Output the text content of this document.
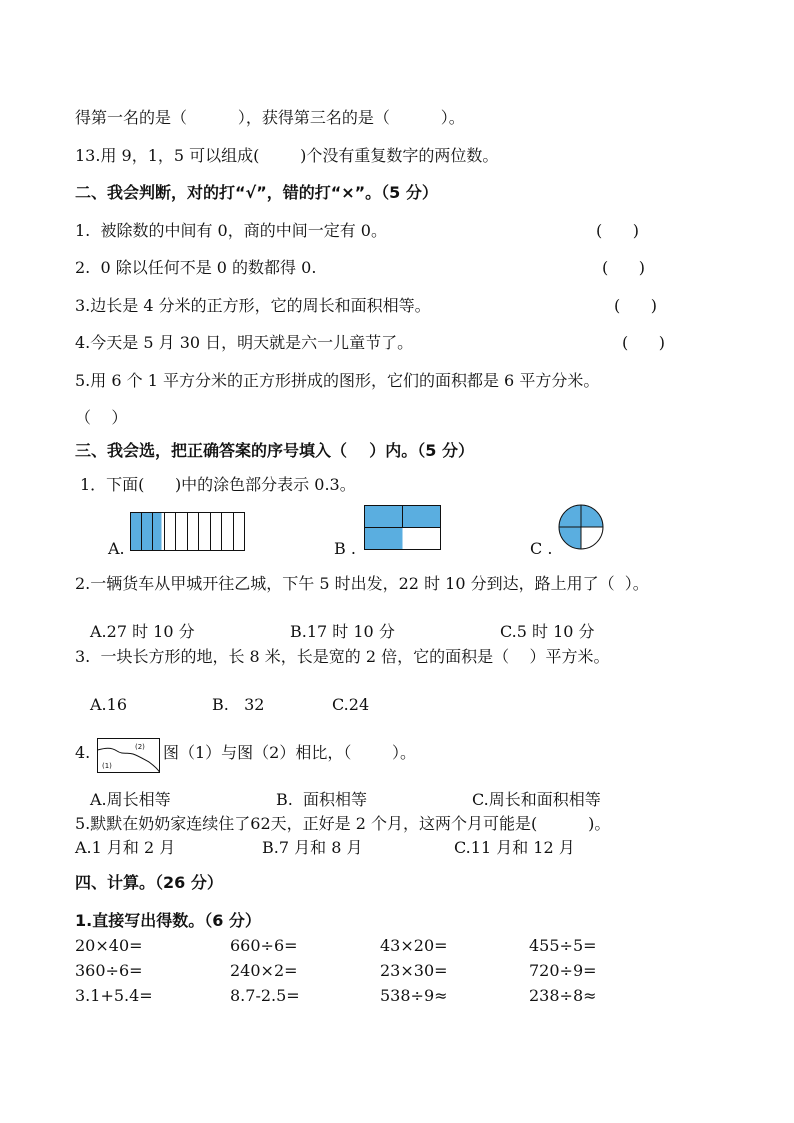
得第一名的是（          ），获得第三名的是（          ）。
13.用 9，1，5 可以组成(        )个没有重复数字的两位数。
二、我会判断，对的打“√”，错的打“×”。（5 分）
1.  被除数的中间有 0，商的中间一定有 0。	(      )
2.  0 除以任何不是 0 的数都得 0.	(      )
3.边长是 4 分米的正方形，它的周长和面积相等。	(      )
4.今天是 5 月 30 日，明天就是六一儿童节了。	(      )
5.用 6 个 1 平方分米的正方形拼成的图形，它们的面积都是 6 平方分米。
（    ）
三、我会选，把正确答案的序号填入（    ）内。（5 分）
1．下面(      )中的涂色部分表示 0.3。
A.	B .	C .
2.一辆货车从甲城开往乙城，下午 5 时出发，22 时 10 分到达，路上用了（  ）。
A.27 时 10 分	B.17 时 10 分	C.5 时 10 分
3.  一块长方形的地，长 8 米，长是宽的 2 倍，它的面积是（    ）平方米。
A.16	B.   32	C.24
4.
(1)
(2) 图（1）与图（2）相比，（        ）。
A.周长相等	B.  面积相等	C.周长和面积相等
5.默默在奶奶家连续住了62天，正好是 2 个月，这两个月可能是(          )。
A.1 月和 2 月	B.7 月和 8 月	C.11 月和 12 月
四、计算。（26 分）
1.直接写出得数。（6 分）
20×40=	660÷6=	43×20=	455÷5=
360÷6=	240×2=	23×30=	720÷9=
3.1+5.4=	8.7-2.5=	538÷9≈	238÷8≈
